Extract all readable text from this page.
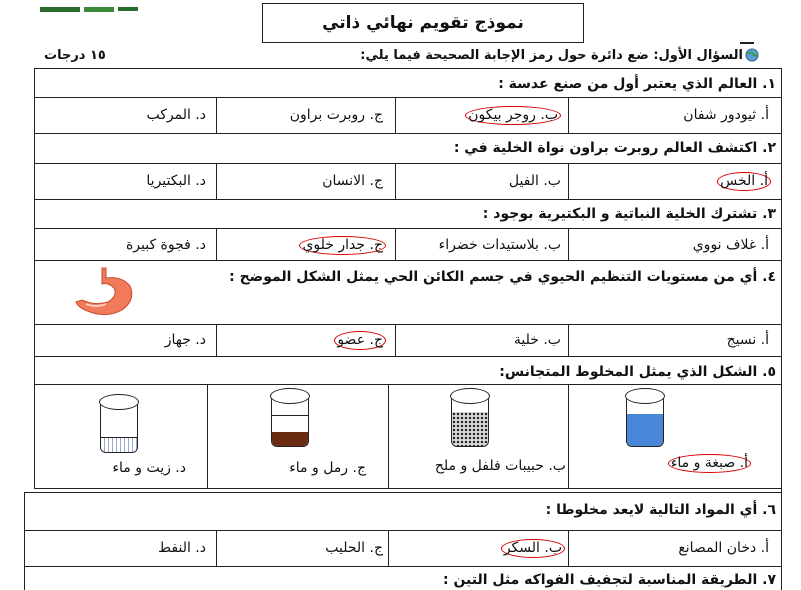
نموذج تقويم نهائي ذاتي
السؤال الأول: ضع دائرة حول رمز الإجابة الصحيحة فيما يلي:
١٥ درجات
١. العالم الذي يعتبر أول من صنع عدسة :
أ. ثيودور شفان
ب. روجر بيكون
ج. روبرت براون
د. المركب
٢. اكتشف العالم روبرت براون نواة الخلية في :
أ. الخس
ب. الفيل
ج. الانسان
د. البكتيريا
٣. تشترك الخلية النباتية و البكتيرية بوجود :
أ. غلاف نووي
ب. بلاستيدات خضراء
ج. جدار خلوي
د. فجوة كبيرة
٤. أي من مستويات التنظيم الحيوي في جسم الكائن الحي يمثل الشكل الموضح :
أ. نسيج
ب. خلية
ج. عضو
د. جهاز
٥. الشكل الذي يمثل المخلوط المتجانس:
أ. صبغة و ماء
ب. حبيبات فلفل و ملح
ج. رمل و ماء
د. زيت و ماء
٦. أي المواد التالية لايعد مخلوطا :
أ. دخان المصانع
ب. السكر
ج. الحليب
د. النفط
٧. الطريقة المناسبة لتجفيف الفواكه مثل التين :
